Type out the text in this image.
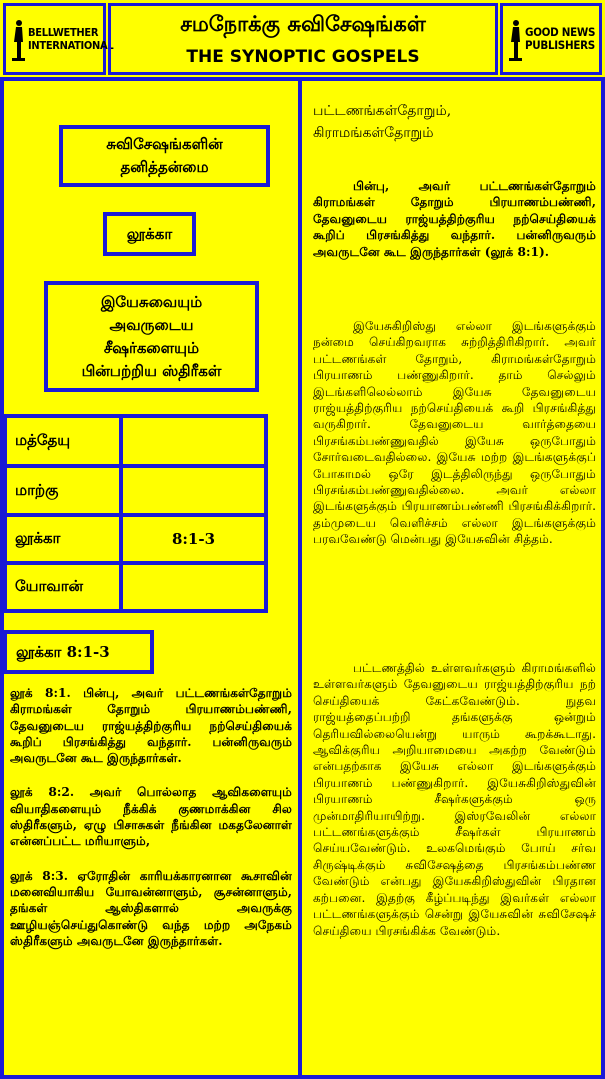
BELLWETHER
INTERNATIONAL
சமநோக்கு சுவிசேஷங்கள்
THE SYNOPTIC GOSPELS
GOOD NEWS
PUBLISHERS
சுவிசேஷங்களின்
தனித்தன்மை
லூக்கா
இயேசுவையும்
அவருடைய
சீஷர்களையும்
பின்பற்றிய ஸ்திரீகள்
மத்தேயு	
மாற்கு	
லூக்கா	8:1-3
யோவான்	
லூக்கா 8:1-3

லூக் 8:1. பின்பு, அவர் பட்டணங்கள்தோறும் கிராமங்கள் தோறும் பிரயாணம்பண்ணி, தேவனுடைய ராஜ்யத்திற்குரிய நற்செய்தியைக் கூறிப் பிரசங்கித்து வந்தார். பன்னிருவரும் அவருடனே கூட இருந்தார்கள்.

லூக் 8:2. அவர் பொல்லாத ஆவிகளையும் வியாதிகளையும் நீக்கிக் குணமாக்கின சில ஸ்திரீகளும், ஏழு பிசாசுகள் நீங்கின மகதலேனாள் என்னப்பட்ட மரியாளும்,

லூக் 8:3. ஏரோதின் காரியக்காரனான கூசாவின் மனைவியாகிய யோவன்னாளும், சூசன்னாளும், தங்கள் ஆஸ்திகளால் அவருக்கு ஊழியஞ்செய்துகொண்டு வந்த மற்ற அநேகம் ஸ்திரீகளும் அவருடனே இருந்தார்கள்.

பட்டணங்கள்தோறும்,
கிராமங்கள்தோறும்

பின்பு, அவர் பட்டணங்கள்தோறும் கிராமங்கள் தோறும் பிரயாணம்பண்ணி, தேவனுடைய ராஜ்யத்திற்குரிய நற்செய்தியைக் கூறிப் பிரசங்கித்து வந்தார். பன்னிருவரும் அவருடனே கூட இருந்தார்கள் (லூக் 8:1).

இயேசுகிறிஸ்து எல்லா இடங்களுக்கும் நன்மை செய்கிறவராக சுற்றித்திரிகிறார். அவர் பட்டணங்கள் தோறும், கிராமங்கள்தோறும் பிரயாணம் பண்ணுகிறார். தாம் செல்லும் இடங்களிலெல்லாம் இயேசு தேவனுடைய ராஜ்யத்திற்குரிய நற்செய்தியைக் கூறி பிரசங்கித்து வருகிறார். தேவனுடைய வார்த்தையை பிரசங்கம்பண்ணுவதில் இயேசு ஒருபோதும் சோர்வடைவதில்லை. இயேசு மற்ற இடங்களுக்குப் போகாமல் ஒரே இடத்திலிருந்து ஒருபோதும் பிரசங்கம்பண்ணுவதில்லை. அவர் எல்லா இடங்களுக்கும் பிரயாணம்பண்ணி பிரசங்கிக்கிறார். தம்முடைய வெளிச்சம் எல்லா இடங்களுக்கும் பரவவேண்டு மென்பது இயேசுவின் சித்தம்.

பட்டணத்தில் உள்ளவர்களும் கிராமங்களில் உள்ளவர்களும் தேவனுடைய ராஜ்யத்திற்குரிய நற் செய்தியைக் கேட்கவேண்டும். நுதவ ராஜ்யத்தைப்பற்றி தங்களுக்கு ஒன்றும் தெரியவில்லையென்று யாரும் கூறக்கூடாது. ஆவிக்குரிய அறியாமையை அகற்ற வேண்டும் என்பதற்காக இயேசு எல்லா இடங்களுக்கும் பிரயாணம் பண்ணுகிறார். இயேசுகிறிஸ்துவின் பிரயாணம் சீஷர்களுக்கும் ஒரு முன்மாதிரியாயிற்று. இஸ்ரவேலின் எல்லா பட்டணங்களுக்கும் சீஷர்கள் பிரயாணம் செய்யவேண்டும். உலகமெங்கும் போய் சர்வ சிருஷ்டிக்கும் சுவிசேஷத்தை பிரசங்கம்பண்ண வேண்டும் என்பது இயேசுகிறிஸ்துவின் பிரதான கற்பனை. இதற்கு கீழ்ப்படிந்து இவர்கள் எல்லா பட்டணங்களுக்கும் சென்று இயேசுவின் சுவிசேஷச் செய்தியை பிரசங்கிக்க வேண்டும்.
